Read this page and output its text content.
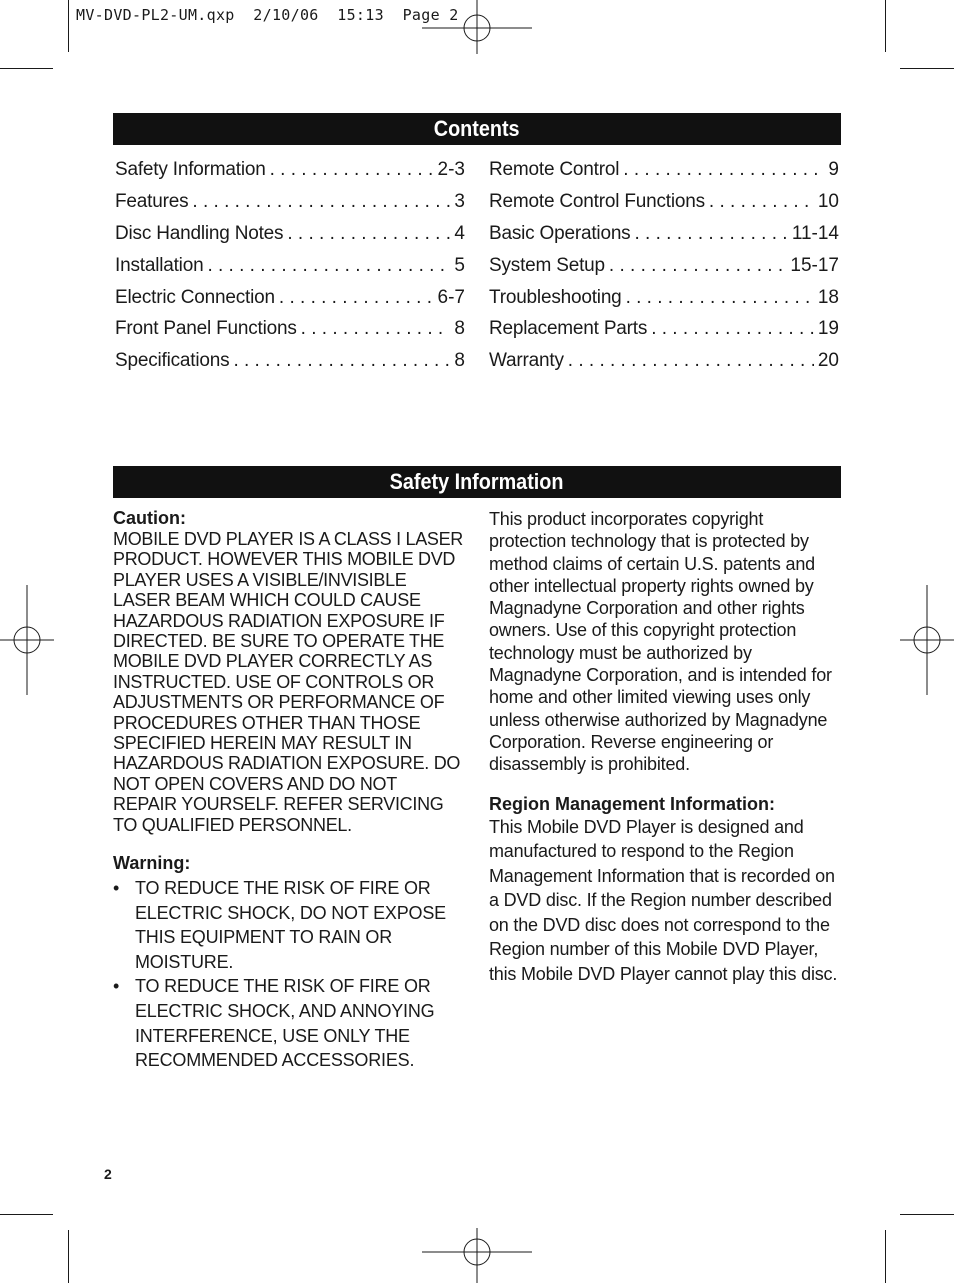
MV-DVD-PL2-UM.qxp  2/10/06  15:13  Page 2
Contents
Safety Information . . .	2-3
Features . . .	3
Disc Handling Notes . . .	4
Installation . . .	5
Electric Connection . . .	6-7
Front Panel Functions . . .	8
Specifications . . .	8
Remote Control . . .	9
Remote Control Functions . . .	10
Basic Operations . . .	11-14
System Setup . . .	15-17
Troubleshooting . . .	18
Replacement Parts . . .	19
Warranty . . .	20
Safety Information
Caution:
MOBILE DVD PLAYER IS A CLASS I LASER PRODUCT. HOWEVER THIS MOBILE DVD PLAYER USES A VISIBLE/INVISIBLE LASER BEAM WHICH COULD CAUSE HAZARDOUS RADIATION EXPOSURE IF DIRECTED. BE SURE TO OPERATE THE MOBILE DVD PLAYER CORRECTLY AS INSTRUCTED. USE OF CONTROLS OR ADJUSTMENTS OR PERFORMANCE OF PROCEDURES OTHER THAN THOSE SPECIFIED HEREIN MAY RESULT IN HAZARDOUS RADIATION EXPOSURE. DO NOT OPEN COVERS AND DO NOT REPAIR YOURSELF. REFER SERVICING TO QUALIFIED PERSONNEL.
Warning:
• TO REDUCE THE RISK OF FIRE OR ELECTRIC SHOCK, DO NOT EXPOSE THIS EQUIPMENT TO RAIN OR MOISTURE.
• TO REDUCE THE RISK OF FIRE OR ELECTRIC SHOCK, AND ANNOYING INTERFERENCE, USE ONLY THE RECOMMENDED ACCESSORIES.
This product incorporates copyright protection technology that is protected by method claims of certain U.S. patents and other intellectual property rights owned by Magnadyne Corporation and other rights owners. Use of this copyright protection technology must be authorized by Magnadyne Corporation, and is intended for home and other limited viewing uses only unless otherwise authorized by Magnadyne Corporation. Reverse engineering or disassembly is prohibited.
Region Management Information:
This Mobile DVD Player is designed and manufactured to respond to the Region Management Information that is recorded on a DVD disc. If the Region number described on the DVD disc does not correspond to the Region number of this Mobile DVD Player, this Mobile DVD Player cannot play this disc.
2
